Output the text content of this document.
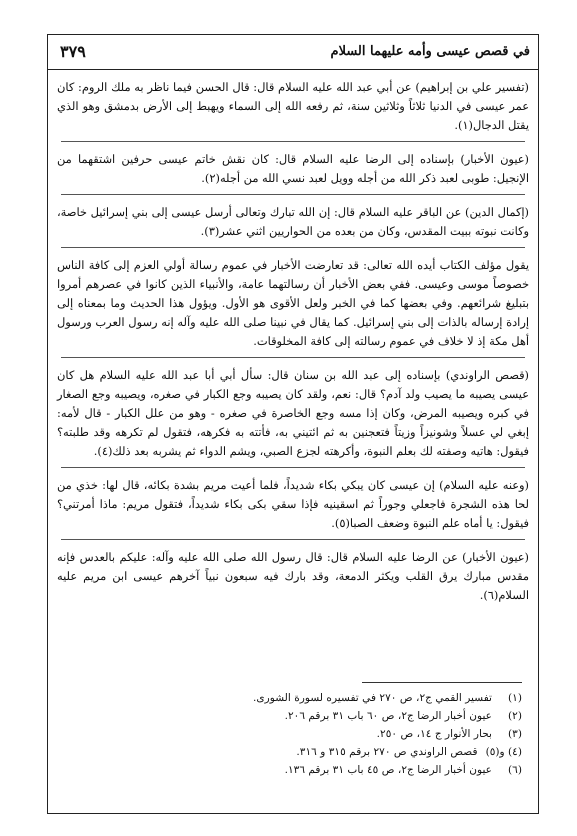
في قصص عيسى وأمه عليهما السلام
٣٧٩

(تفسير علي بن إبراهيم) عن أبي عبد الله عليه السلام قال: قال الحسن فيما ناظر به ملك الروم: كان عمر عيسى في الدنيا ثلاثاً وثلاثين سنة، ثم رفعه الله إلى السماء ويهبط إلى الأرض بدمشق وهو الذي يقتل الدجال(١).

(عيون الأخبار) بإسناده إلى الرضا عليه السلام قال: كان نقش خاتم عيسى حرفين اشتقهما من الإنجيل: طوبى لعبد ذكر الله من أجله وويل لعبد نسي الله من أجله(٢).

(إكمال الدين) عن الباقر عليه السلام قال: إن الله تبارك وتعالى أرسل عيسى إلى بني إسرائيل خاصة، وكانت نبوته ببيت المقدس، وكان من بعده من الحواريين اثني عشر(٣).

يقول مؤلف الكتاب أيده الله تعالى: قد تعارضت الأخبار في عموم رسالة أولي العزم إلى كافة الناس خصوصاً موسى وعيسى. ففي بعض الأخبار أن رسالتهما عامة، والأنبياء الذين كانوا في عصرهم أمروا بتبليغ شرائعهم. وفي بعضها كما في الخبر ولعل الأقوى هو الأول. ويؤول هذا الحديث وما بمعناه إلى إرادة إرساله بالذات إلى بني إسرائيل. كما يقال في نبينا صلى الله عليه وآله إنه رسول العرب ورسول أهل مكة إذ لا خلاف في عموم رسالته إلى كافة المخلوقات.

(قصص الراوندي) بإسناده إلى عبد الله بن سنان قال: سأل أبي أبا عبد الله عليه السلام هل كان عيسى يصيبه ما يصيب ولد آدم؟ قال: نعم، ولقد كان يصيبه وجع الكبار في صغره، ويصيبه وجع الصغار في كبره ويصيبه المرض، وكان إذا مسه وجع الخاصرة في صغره - وهو من علل الكبار - قال لأمه: إبغي لي عسلاً وشونيزاً وزيتاً فتعجنين به ثم ائتيني به، فأتته به فكرهه، فتقول لم تكرهه وقد طلبته؟ فيقول: هاتيه وصفته لك بعلم النبوة، وأكرهته لجزع الصبي، ويشم الدواء ثم يشربه بعد ذلك(٤).

(وعنه عليه السلام) إن عيسى كان يبكي بكاء شديداً، فلما أعيت مريم بشدة بكائه، قال لها: خذي من لحا هذه الشجرة فاجعلي وجوراً ثم اسقينيه فإذا سقي بكى بكاء شديداً، فتقول مريم: ماذا أمرتني؟ فيقول: يا أماه علم النبوة وضعف الصبا(٥).

(عيون الأخبار) عن الرضا عليه السلام قال: قال رسول الله صلى الله عليه وآله: عليكم بالعدس فإنه مقدس مبارك يرق القلب ويكثر الدمعة، وقد بارك فيه سبعون نبياً آخرهم عيسى ابن مريم عليه السلام(٦).

(١)
تفسير القمي ج٢، ص ٢٧٠ في تفسيره لسورة الشورى.
(٢)
عيون أخبار الرضا ج٢، ص ٦٠ باب ٣١ برقم ٢٠٦.
(٣)
بحار الأنوار ج ١٤، ص ٢٥٠.
(٤) و(٥)
قصص الراوندي ص ٢٧٠ برقم ٣١٥ و ٣١٦.
(٦)
عيون أخبار الرضا ج٢، ص ٤٥ باب ٣١ برقم ١٣٦.
